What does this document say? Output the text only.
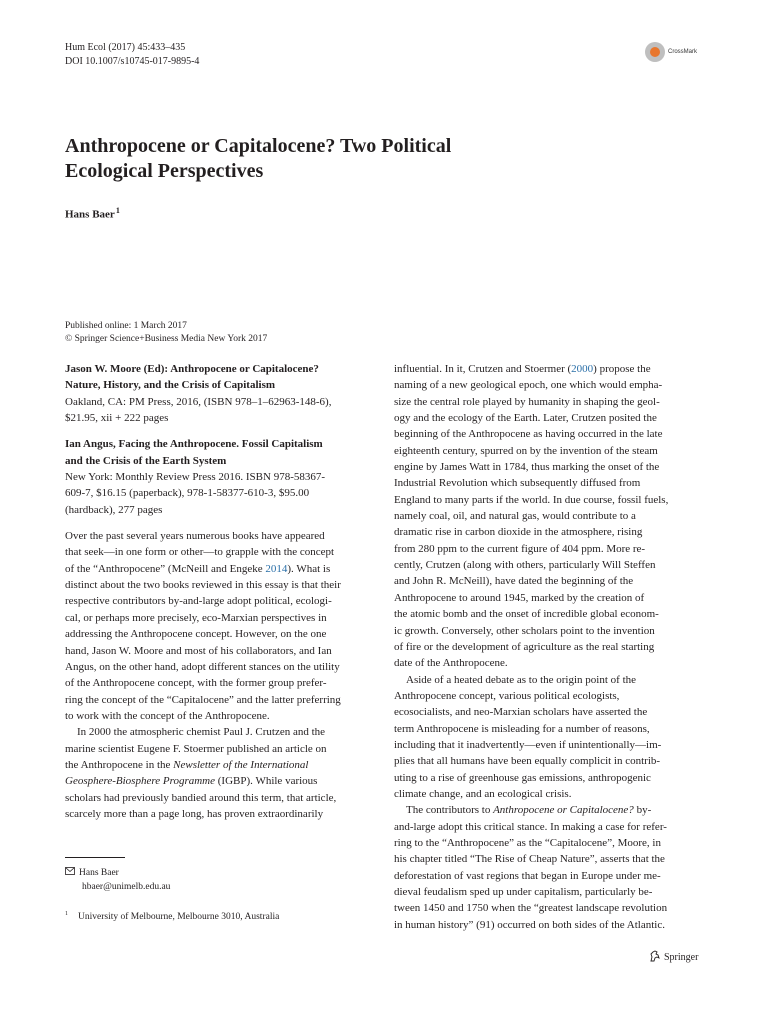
Hum Ecol (2017) 45:433–435
DOI 10.1007/s10745-017-9895-4
CrossMark
Anthropocene or Capitalocene? Two Political
Ecological Perspectives
Hans Baer$^1$
Published online: 1 March 2017
© Springer Science+Business Media New York 2017
Jason W. Moore (Ed): Anthropocene or Capitalocene?
Nature, History, and the Crisis of Capitalism
Oakland, CA: PM Press, 2016, (ISBN 978–1–62963-148-6),
$21.95, xii + 222 pages
Ian Angus, Facing the Anthropocene. Fossil Capitalism
and the Crisis of the Earth System
New York: Monthly Review Press 2016. ISBN 978-58367-
609-7, $16.15 (paperback), 978-1-58377-610-3, $95.00
(hardback), 277 pages

Over the past several years numerous books have appeared
that seek—in one form or other—to grapple with the concept
of the “Anthropocene” (McNeill and Engeke 2014). What is
distinct about the two books reviewed in this essay is that their
respective contributors by-and-large adopt political, ecologi-
cal, or perhaps more precisely, eco-Marxian perspectives in
addressing the Anthropocene concept. However, on the one
hand, Jason W. Moore and most of his collaborators, and Ian
Angus, on the other hand, adopt different stances on the utility
of the Anthropocene concept, with the former group prefer-
ring the concept of the “Capitalocene” and the latter preferring
to work with the concept of the Anthropocene.

In 2000 the atmospheric chemist Paul J. Crutzen and the
marine scientist Eugene F. Stoermer published an article on
the Anthropocene in the Newsletter of the International
Geosphere-Biosphere Programme (IGBP). While various
scholars had previously bandied around this term, that article,
scarcely more than a page long, has proven extraordinarily

influential. In it, Crutzen and Stoermer (2000) propose the
naming of a new geological epoch, one which would empha-
size the central role played by humanity in shaping the geol-
ogy and the ecology of the Earth. Later, Crutzen posited the
beginning of the Anthropocene as having occurred in the late
eighteenth century, spurred on by the invention of the steam
engine by James Watt in 1784, thus marking the onset of the
Industrial Revolution which subsequently diffused from
England to many parts if the world. In due course, fossil fuels,
namely coal, oil, and natural gas, would contribute to a
dramatic rise in carbon dioxide in the atmosphere, rising
from 280 ppm to the current figure of 404 ppm. More re-
cently, Crutzen (along with others, particularly Will Steffen
and John R. McNeill), have dated the beginning of the
Anthropocene to around 1945, marked by the creation of
the atomic bomb and the onset of incredible global econom-
ic growth. Conversely, other scholars point to the invention
of fire or the development of agriculture as the real starting
date of the Anthropocene.

Aside of a heated debate as to the origin point of the
Anthropocene concept, various political ecologists,
ecosocialists, and neo-Marxian scholars have asserted the
term Anthropocene is misleading for a number of reasons,
including that it inadvertently—even if unintentionally—im-
plies that all humans have been equally complicit in contrib-
uting to a rise of greenhouse gas emissions, anthropogenic
climate change, and an ecological crisis.

The contributors to Anthropocene or Capitalocene? by-
and-large adopt this critical stance. In making a case for refer-
ring to the “Anthropocene” as the “Capitalocene”, Moore, in
his chapter titled “The Rise of Cheap Nature”, asserts that the
deforestation of vast regions that began in Europe under me-
dieval feudalism sped up under capitalism, particularly be-
tween 1450 and 1750 when the “greatest landscape revolution
in human history” (91) occurred on both sides of the Atlantic.

Hans Baer
hbaer@unimelb.edu.au
$^1$ University of Melbourne, Melbourne 3010, Australia
Springer
